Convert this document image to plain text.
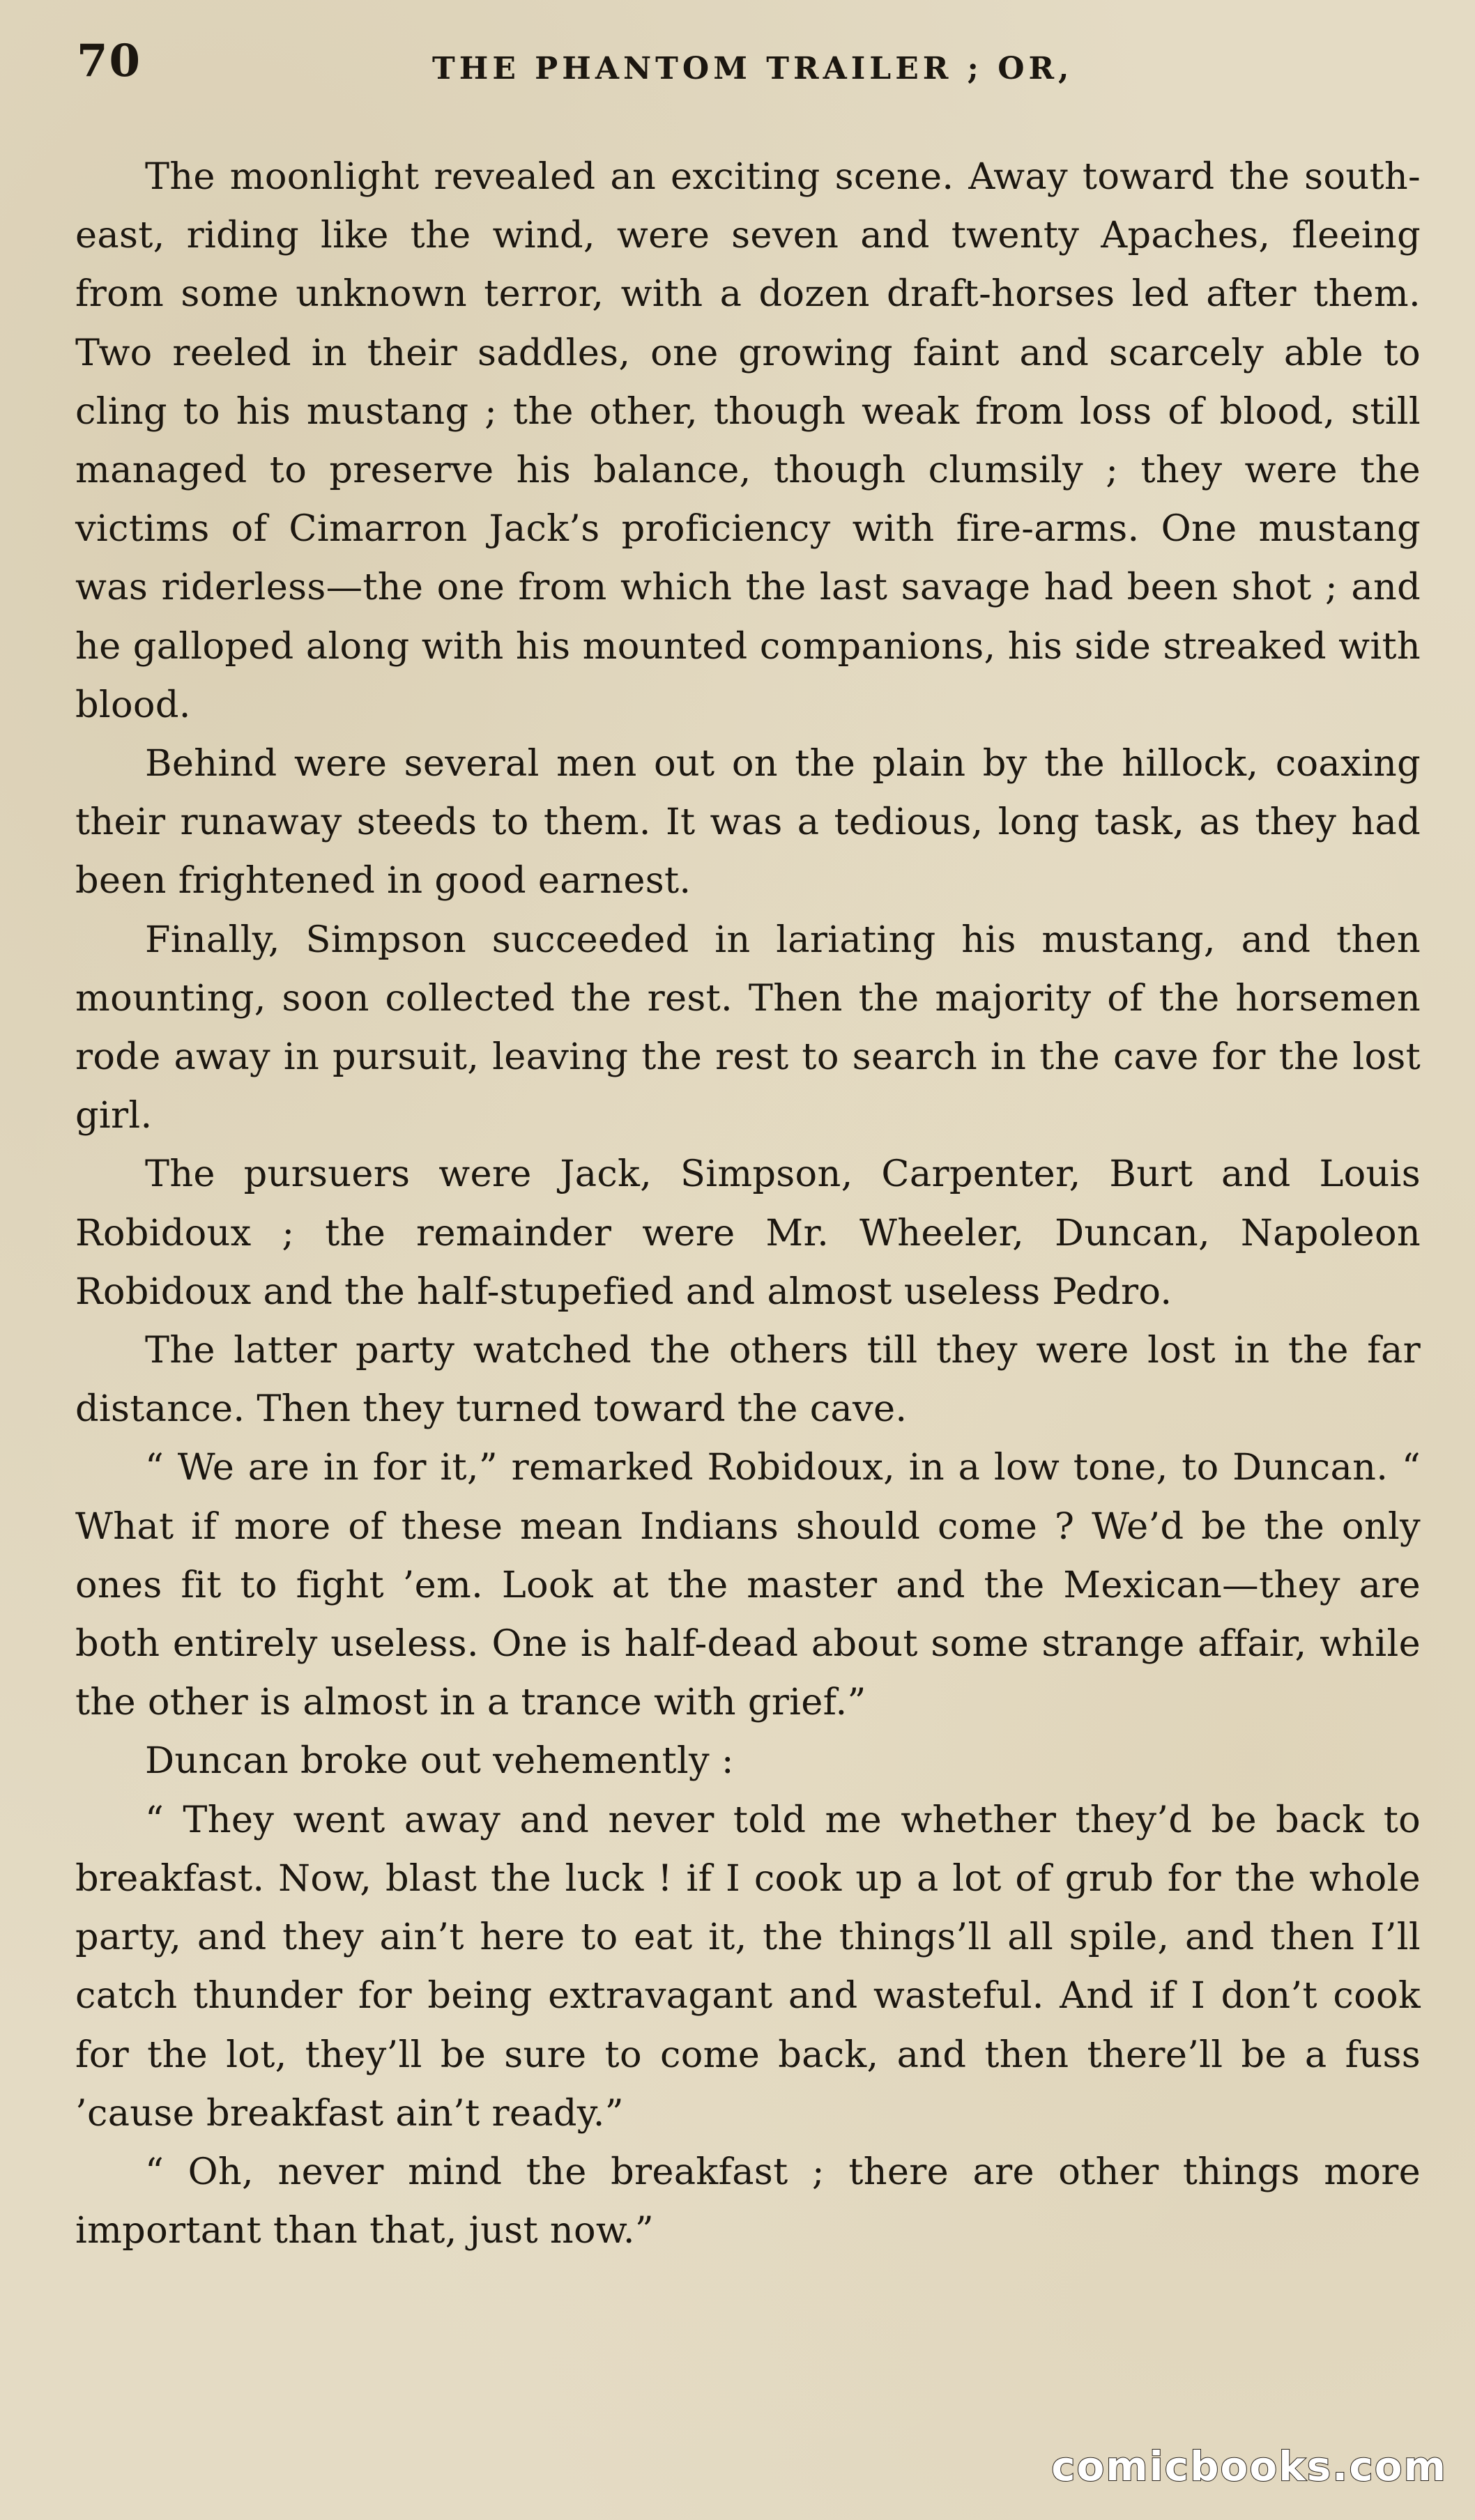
70	THE PHANTOM TRAILER ; OR,

The moonlight revealed an exciting scene. Away toward the south-east, riding like the wind, were seven and twenty Apaches, fleeing from some unknown terror, with a dozen draft-horses led after them. Two reeled in their saddles, one growing faint and scarcely able to cling to his mustang ; the other, though weak from loss of blood, still managed to preserve his balance, though clumsily ; they were the victims of Cimarron Jack’s proficiency with fire-arms. One mustang was riderless—the one from which the last savage had been shot ; and he galloped along with his mounted companions, his side streaked with blood.

Behind were several men out on the plain by the hillock, coaxing their runaway steeds to them. It was a tedious, long task, as they had been frightened in good earnest.

Finally, Simpson succeeded in lariating his mustang, and then mounting, soon collected the rest. Then the majority of the horsemen rode away in pursuit, leaving the rest to search in the cave for the lost girl.

The pursuers were Jack, Simpson, Carpenter, Burt and Louis Robidoux ; the remainder were Mr. Wheeler, Duncan, Napoleon Robidoux and the half-stupefied and almost useless Pedro.

The latter party watched the others till they were lost in the far distance. Then they turned toward the cave.

“ We are in for it,” remarked Robidoux, in a low tone, to Duncan. “ What if more of these mean Indians should come ? We’d be the only ones fit to fight ’em. Look at the master and the Mexican—they are both entirely useless. One is half-dead about some strange affair, while the other is almost in a trance with grief.”

Duncan broke out vehemently :

“ They went away and never told me whether they’d be back to breakfast. Now, blast the luck ! if I cook up a lot of grub for the whole party, and they ain’t here to eat it, the things’ll all spile, and then I’ll catch thunder for being extravagant and wasteful. And if I don’t cook for the lot, they’ll be sure to come back, and then there’ll be a fuss ’cause breakfast ain’t ready.”

“ Oh, never mind the breakfast ; there are other things more important than that, just now.”

comicbooks.com
